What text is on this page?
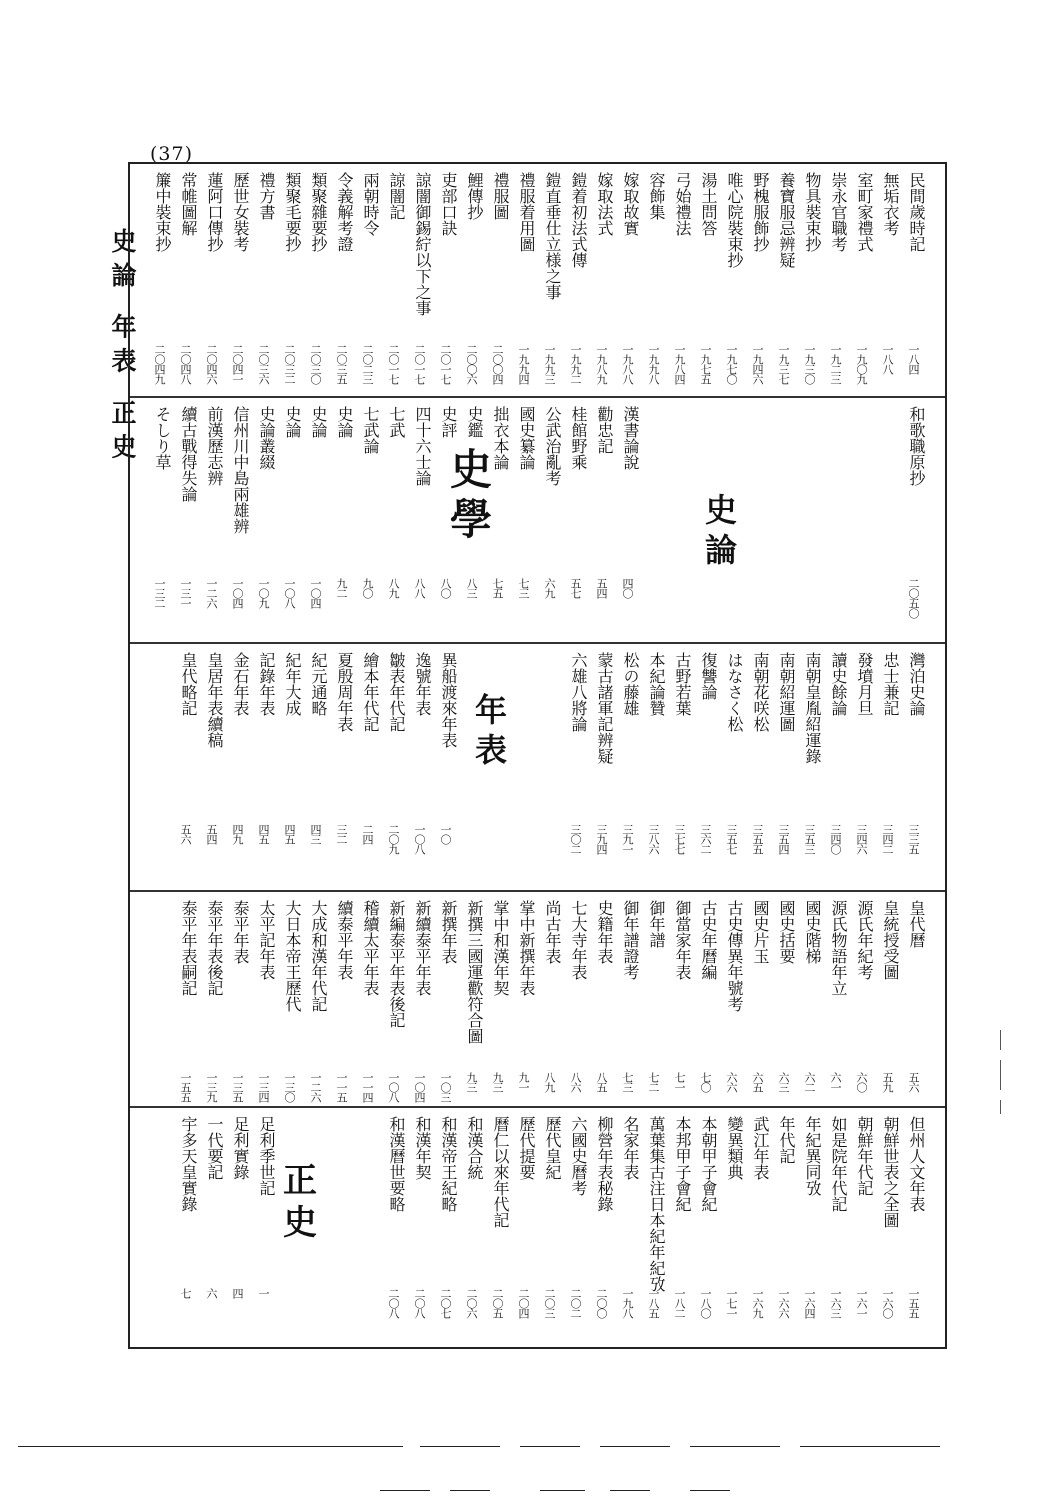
(37)
史論 年表 正史
民間歲時記
一八四
無垢衣考
一八八
室町家禮式
一九〇九
崇永官職考
一九二三
物具裝束抄
一九三〇
養寶服忌辨疑
一九三七
野槐服飾抄
一九四六
唯心院裝束抄
一九七〇
湯土問答
一九七五
弓始禮法
一九八四
容飾集
一九九八
嫁取故實
一九八八
嫁取法式
一九八九
鎧着初法式傳
一九九二
鎧直垂仕立様之事
一九九三
禮服着用圖
一九九四
禮服圖
二〇〇四
鯉傳抄
二〇〇六
吏部口訣
二〇一七
諒闇御錫紵以下之事
二〇一七
諒闇記
二〇一七
兩朝時令
二〇二三
令義解考證
二〇三五
類聚雜要抄
二〇三〇
類聚毛要抄
二〇三二
禮方書
二〇三六
歷世女裝考
二〇四一
蓮阿口傳抄
二〇四六
常帷圖解
二〇四八
簾中裝束抄
二〇四九
和歌職原抄
二〇五〇
漢書論說
四〇
勸忠記
五四
桂館野乘
五七
公武治亂考
六九
國史纂論
七三
拙衣本論
七五
史鑑
八三
史評
八〇
四十六士論
八八
七武
八九
七武論
九〇
史論
九二
史論
一〇四
史論
一〇八
史論叢綴
一〇九
信州川中島兩雄辨
一〇四
前漢歷志辨
一二六
續古戰得失論
一三一
そしり草
一三二
灣泊史論
三三五
忠士兼記
三四二
發墳月旦
三四六
讀史餘論
三四〇
南朝皇胤紹運錄
三五三
南朝紹運圖
三五四
南朝花咲松
三五五
はなさく松
三五七
復讐論
三六二
古野若葉
三七七
本紀論贊
三八六
松の藤雄
三九一
蒙古諸軍記辨疑
三九四
六雄八將論
三〇二
異船渡來年表
一〇
逸號年表
一〇八
皺表年代記
二〇九
繪本年代記
二四
夏殷周年表
三二
紀元通略
四三
紀年大成
四五
記錄年表
四五
金石年表
四九
皇居年表續稿
五四
皇代略記
五六
皇代曆
五六
皇統授受圖
五九
源氏年紀考
六〇
源氏物語年立
六一
國史階梯
六二
國史括要
六三
國史片玉
六五
古史傳異年號考
六六
古史年曆編
七〇
御當家年表
七一
御年譜
七二
御年譜證考
七三
史籍年表
八五
七大寺年表
八六
尚古年表
八九
掌中新撰年表
九一
掌中和漢年契
九三
新撰三國運歡符合圖
九三
新撰年表
一〇三
新續泰平年表
一〇四
新編泰平年表後記
一〇八
稽續太平年表
一一四
續泰平年表
一一五
大成和漢年代記
一二六
大日本帝王歷代
一三〇
太平記年表
一三四
泰平年表
一三五
泰平年表後記
一三九
泰平年表嗣記
一五五
但州人文年表
一五五
朝鮮世表之全圖
一六〇
朝鮮年代記
一六一
如是院年代記
一六三
年紀異同攷
一六四
年代記
一六六
武江年表
一六九
變異類典
一七一
本朝甲子會紀
一八〇
本邦甲子會紀
一八二
萬葉集古注日本紀年紀攷
一八五
名家年表
一九八
柳營年表秘錄
二〇〇
六國史曆考
二〇二
歷代皇紀
二〇三
歷代提要
二〇四
曆仁以來年代記
二〇五
和漢合統
二〇六
和漢帝王紀略
二〇七
和漢年契
二〇八
和漢曆世要略
二〇八
足利季世記
一
足利實錄
四
一代要記
六
宇多天皇實錄
七
史
學	史
論
年
表
正
史
